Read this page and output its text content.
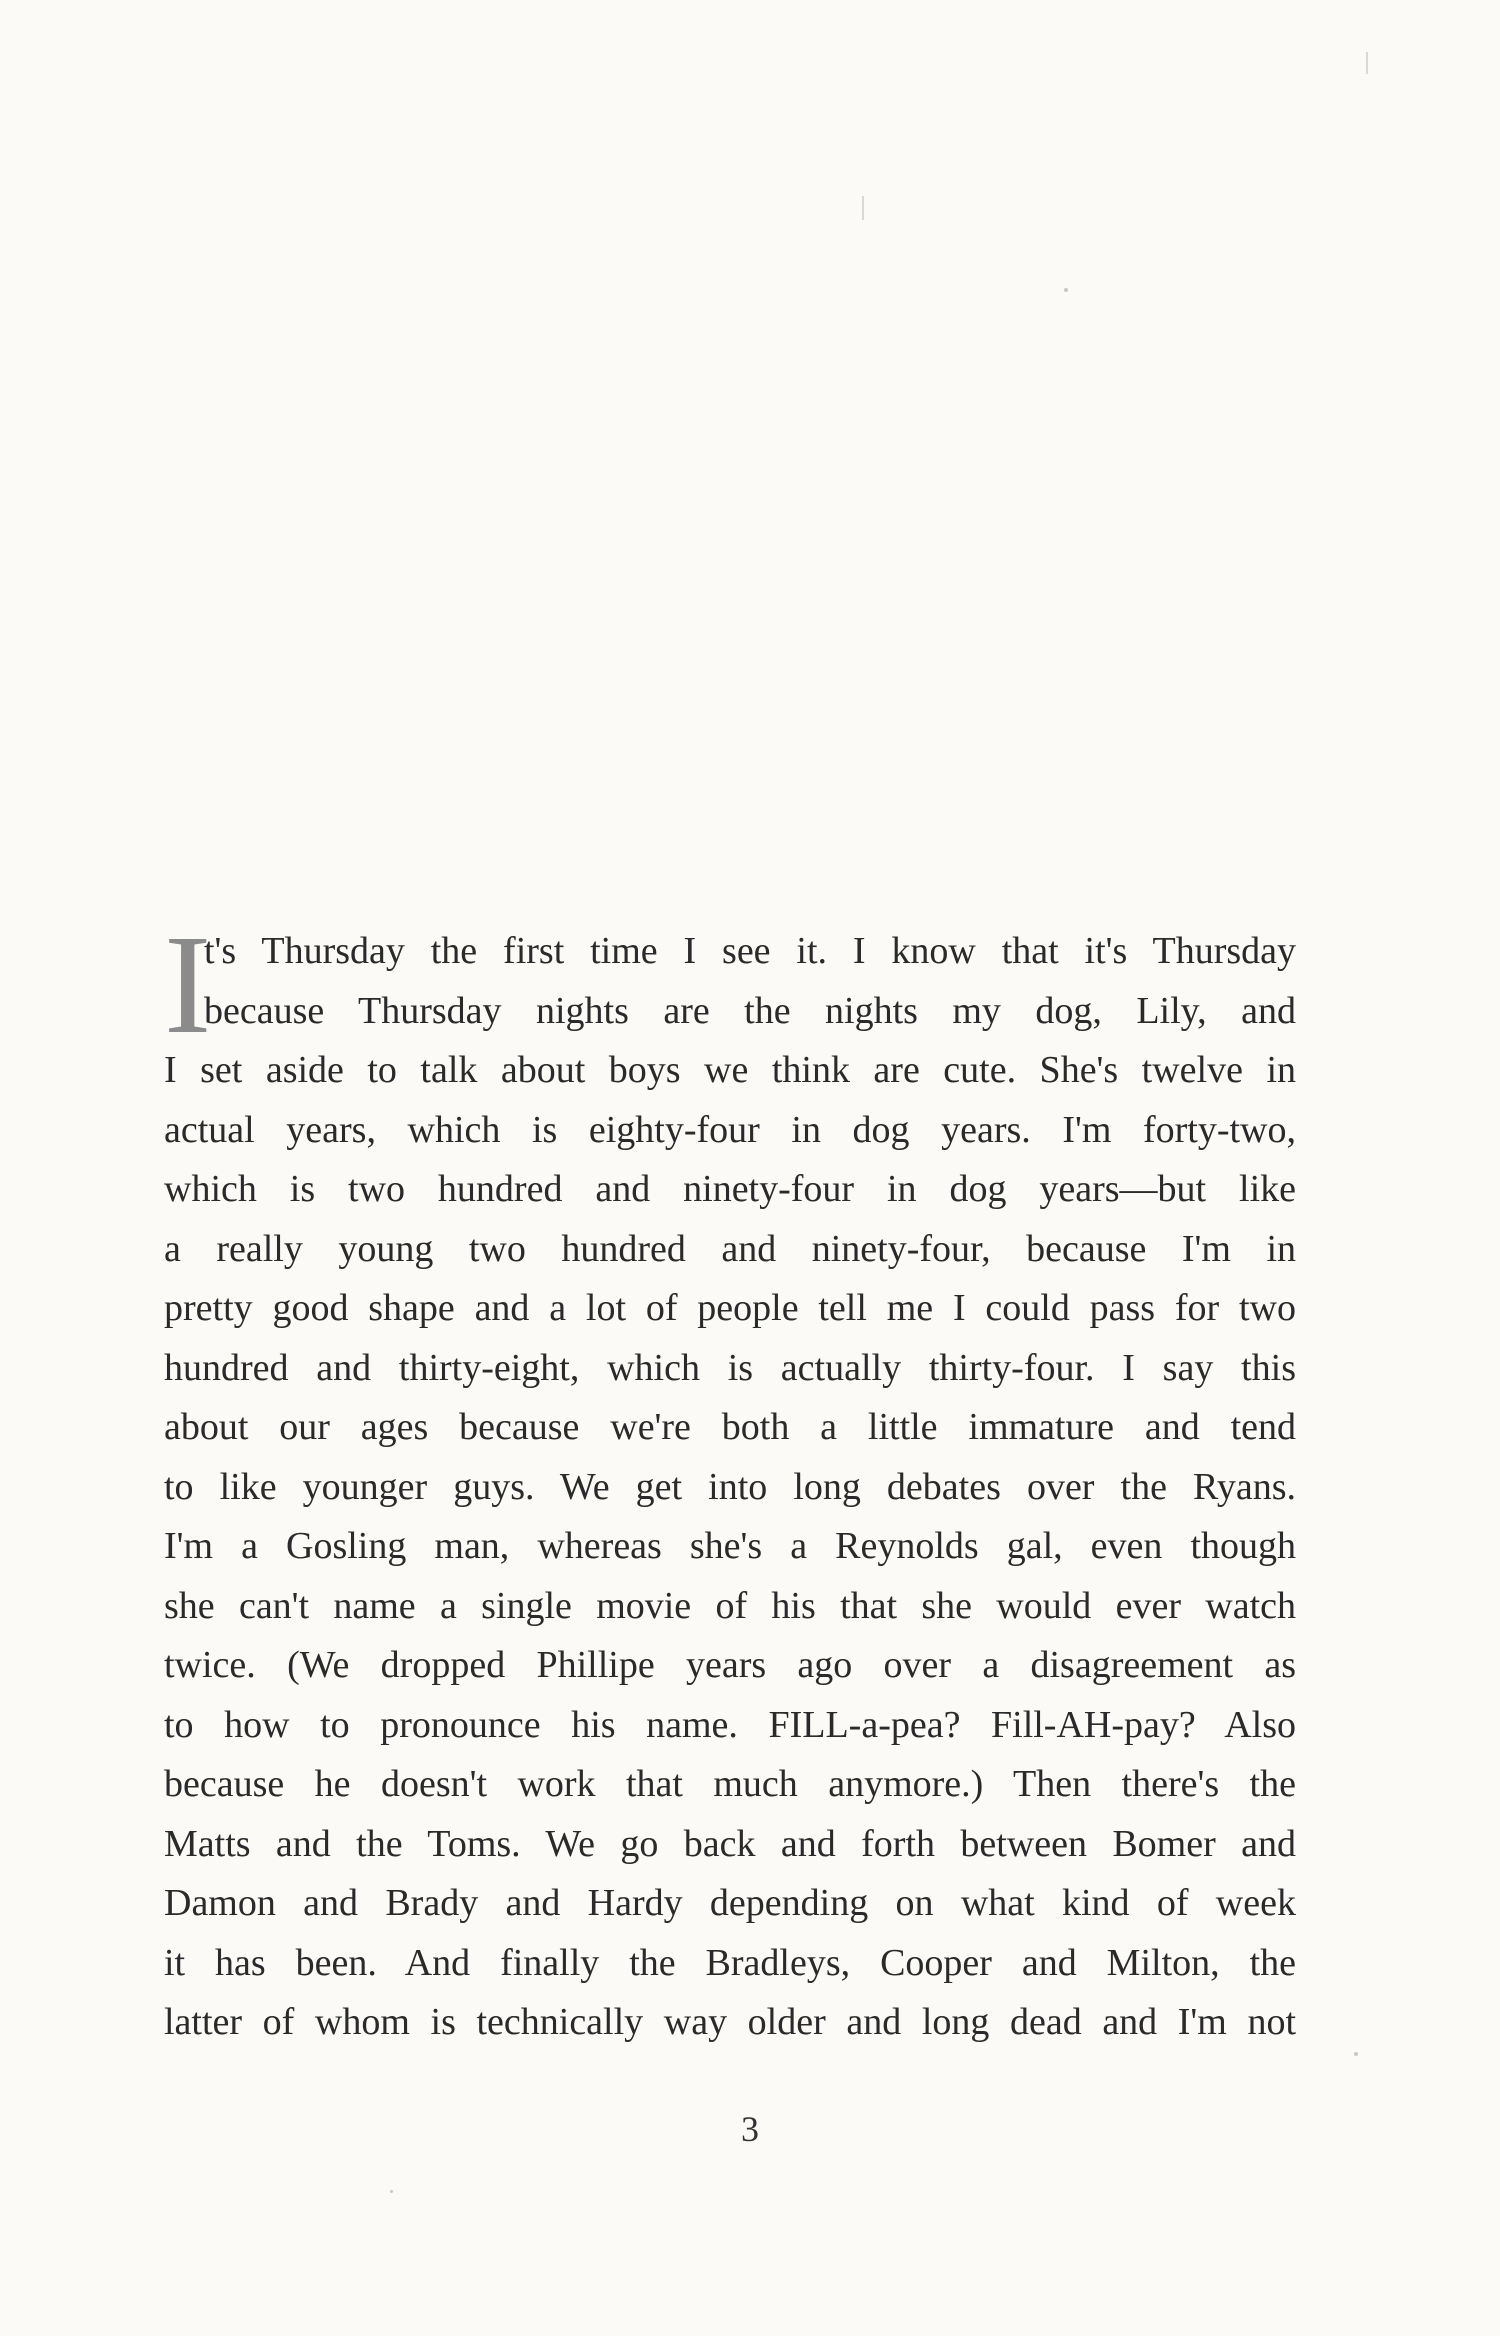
I
t's Thursday the first time I see it. I know that it's Thursday
because Thursday nights are the nights my dog, Lily, and
I set aside to talk about boys we think are cute. She's twelve in
actual years, which is eighty-four in dog years. I'm forty-two,
which is two hundred and ninety-four in dog years—but like
a really young two hundred and ninety-four, because I'm in
pretty good shape and a lot of people tell me I could pass for two
hundred and thirty-eight, which is actually thirty-four. I say this
about our ages because we're both a little immature and tend
to like younger guys. We get into long debates over the Ryans.
I'm a Gosling man, whereas she's a Reynolds gal, even though
she can't name a single movie of his that she would ever watch
twice. (We dropped Phillipe years ago over a disagreement as
to how to pronounce his name. FILL-a-pea? Fill-AH-pay? Also
because he doesn't work that much anymore.) Then there's the
Matts and the Toms. We go back and forth between Bomer and
Damon and Brady and Hardy depending on what kind of week
it has been. And finally the Bradleys, Cooper and Milton, the
latter of whom is technically way older and long dead and I'm not
3
